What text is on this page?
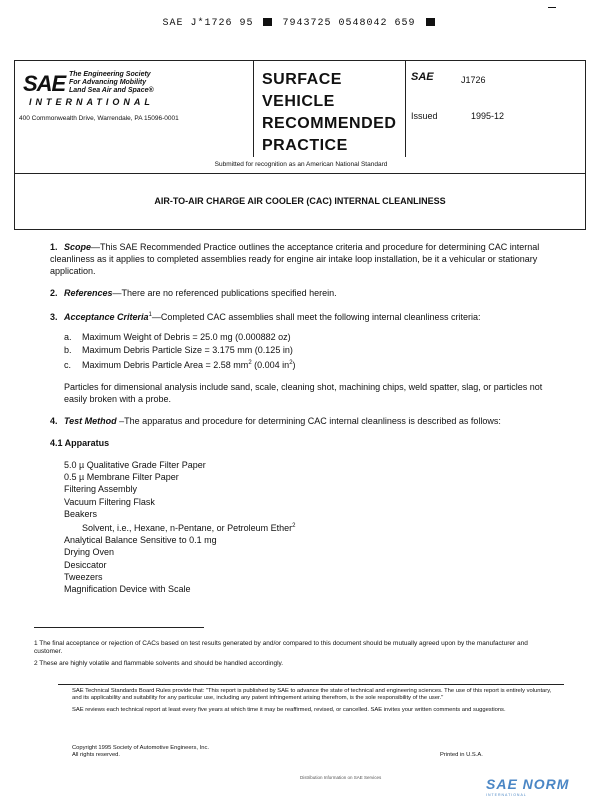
SAE J*1726 95	7943725 0548042 659
SAE The Engineering Society
For Advancing Mobility
Land Sea Air and Space®
INTERNATIONAL
400 Commonwealth Drive, Warrendale, PA 15096-0001
SURFACE
VEHICLE
RECOMMENDED
PRACTICE
SAE	J1726
Issued	1995-12
Submitted for recognition as an American National Standard
AIR-TO-AIR CHARGE AIR COOLER (CAC) INTERNAL CLEANLINESS
1. Scope—This SAE Recommended Practice outlines the acceptance criteria and procedure for determining CAC internal cleanliness as it applies to completed assemblies ready for engine air intake loop installation, be it a vehicular or stationary application.
2. References—There are no referenced publications specified herein.
3. Acceptance Criteria$^1$—Completed CAC assemblies shall meet the following internal cleanliness criteria:
a. Maximum Weight of Debris = 25.0 mg (0.000882 oz)
b. Maximum Debris Particle Size = 3.175 mm (0.125 in)
c. Maximum Debris Particle Area = 2.58 $mm^2$ (0.004 $in^2$)
Particles for dimensional analysis include sand, scale, cleaning shot, machining chips, weld spatter, slag, or particles not easily broken with a probe.
4. Test Method –The apparatus and procedure for determining CAC internal cleanliness is described as follows:
4.1 Apparatus
5.0 µ Qualitative Grade Filter Paper
0.5 µ Membrane Filter Paper
Filtering Assembly
Vacuum Filtering Flask
Beakers
Solvent, i.e., Hexane, n-Pentane, or Petroleum Ether$^2$
Analytical Balance Sensitive to 0.1 mg
Drying Oven
Desiccator
Tweezers
Magnification Device with Scale

1 The final acceptance or rejection of CACs based on test results generated by and/or compared to this document should be mutually agreed upon by the manufacturer and customer.

2 These are highly volatile and flammable solvents and should be handled accordingly.

SAE Technical Standards Board Rules provide that: "This report is published by SAE to advance the state of technical and engineering sciences. The use of this report is entirely voluntary, and its applicability and suitability for any particular use, including any patent infringement arising therefrom, is the sole responsibility of the user."

SAE reviews each technical report at least every five years at which time it may be reaffirmed, revised, or cancelled. SAE invites your written comments and suggestions.

Copyright 1995 Society of Automotive Engineers, Inc.
All rights reserved.	Printed in U.S.A.
Distribution Information on SAE Services	SAE NORM
INTERNATIONAL
